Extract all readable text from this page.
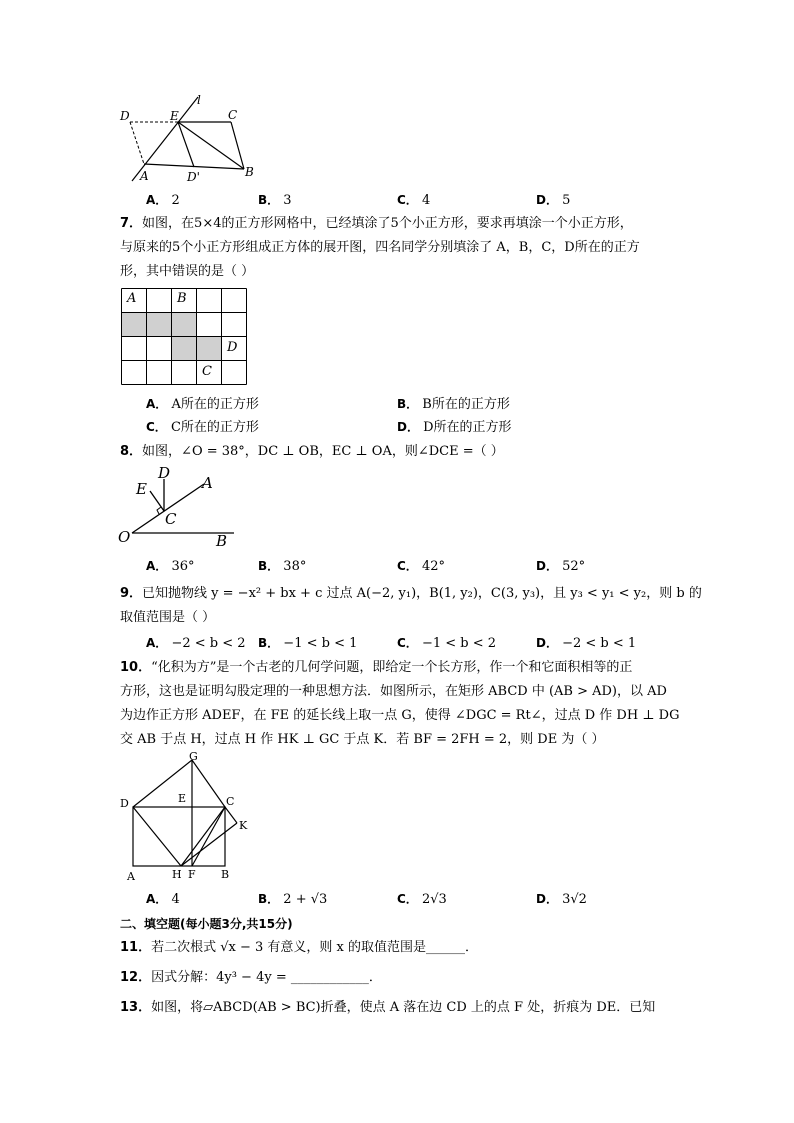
D	E
l
C
A	D'	B
A． 2	B． 3	C． 4	D． 5
7．如图，在5×4的正方形网格中，已经填涂了5个小正方形，要求再填涂一个小正方形，
与原来的5个小正方形组成正方体的展开图，四名同学分别填涂了 A，B，C，D所在的正方
形，其中错误的是（ ）
A	B
D
C
A． A所在的正方形	B． B所在的正方形
C． C所在的正方形	D． D所在的正方形
8．如图，∠O = 38°，DC ⊥ OB，EC ⊥ OA，则∠DCE =（ ）
D
E	A
C
O	B
A． 36°	B． 38°	C． 42°	D． 52°
9．已知抛物线 y = −x² + bx + c 过点 A(−2, y₁)，B(1, y₂)，C(3, y₃)，且 y₃ < y₁ < y₂，则 b 的
取值范围是（ ）
A． −2 < b < 2 B． −1 < b < 1	C． −1 < b < 2	D． −2 < b < 1
10．“化积为方”是一个古老的几何学问题，即给定一个长方形，作一个和它面积相等的正
方形，这也是证明勾股定理的一种思想方法．如图所示，在矩形 ABCD 中 (AB > AD)，以 AD
为边作正方形 ADEF，在 FE 的延长线上取一点 G，使得 ∠DGC = Rt∠，过点 D 作 DH ⊥ DG
交 AB 于点 H，过点 H 作 HK ⊥ GC 于点 K．若 BF = 2FH = 2，则 DE 为（ ）
G
D	E	C
K
A	H F B
A． 4	B． 2 + √3	C． 2√3	D． 3√2
二、填空题(每小题3分,共15分)
11．若二次根式 √x − 3 有意义，则 x 的取值范围是______．
12．因式分解：4y³ − 4y = ____________．
13．如图，将▱ABCD(AB > BC)折叠，使点 A 落在边 CD 上的点 F 处，折痕为 DE．已知
